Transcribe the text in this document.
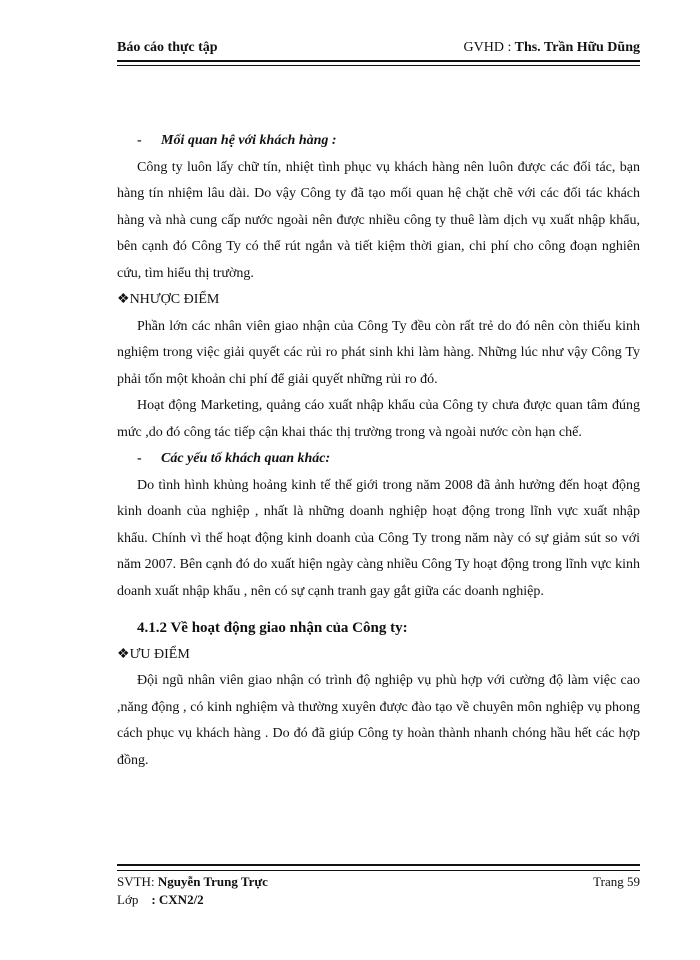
Báo cáo thực tập	GVHD : Ths. Trần Hữu Dũng

- Mối quan hệ với khách hàng :

Công ty luôn lấy chữ tín, nhiệt tình phục vụ khách hàng nên luôn được các đối tác, bạn hàng tín nhiệm lâu dài. Do vậy Công ty đã tạo mối quan hệ chặt chẽ với các đối tác khách hàng và nhà cung cấp nước ngoài nên được nhiều công ty thuê làm dịch vụ xuất nhập khẩu, bên cạnh đó Công Ty có thể rút ngắn và tiết kiệm thời gian, chi phí cho công đoạn nghiên cứu, tìm hiểu thị trường.

❖NHƯỢC ĐIỂM

Phần lớn các nhân viên giao nhận của Công Ty đều còn rất trẻ do đó nên còn thiếu kinh nghiệm trong việc giải quyết các rủi ro phát sinh khi làm hàng. Những lúc như vậy Công Ty phải tốn một khoản chi phí để giải quyết những rủi ro đó.

Hoạt động Marketing, quảng cáo xuất nhập khẩu của Công ty chưa được quan tâm đúng mức ,do đó công tác tiếp cận khai thác thị trường trong và ngoài nước còn hạn chế.

- Các yếu tố khách quan khác:

Do tình hình khủng hoảng kinh tế thế giới trong năm 2008 đã ảnh hưởng đến hoạt động kinh doanh của nghiệp , nhất là những doanh nghiệp hoạt động trong lĩnh vực xuất nhập khẩu. Chính vì thế hoạt động kinh doanh của Công Ty trong năm này có sự giảm sút so với năm 2007. Bên cạnh đó do xuất hiện ngày càng nhiều Công Ty hoạt động trong lĩnh vực kinh doanh xuất nhập khẩu , nên có sự cạnh tranh gay gắt giữa các doanh nghiệp.

4.1.2 Về hoạt động giao nhận của Công ty:

❖ƯU ĐIỂM

Đội ngũ nhân viên giao nhận có trình độ nghiệp vụ phù hợp với cường độ làm việc cao ,năng động , có kinh nghiệm và thường xuyên được đào tạo về chuyên môn nghiệp vụ phong cách phục vụ khách hàng . Do đó đã giúp Công ty hoàn thành nhanh chóng hầu hết các hợp đồng.

SVTH: Nguyễn Trung Trực	Trang 59
Lớp : CXN2/2
